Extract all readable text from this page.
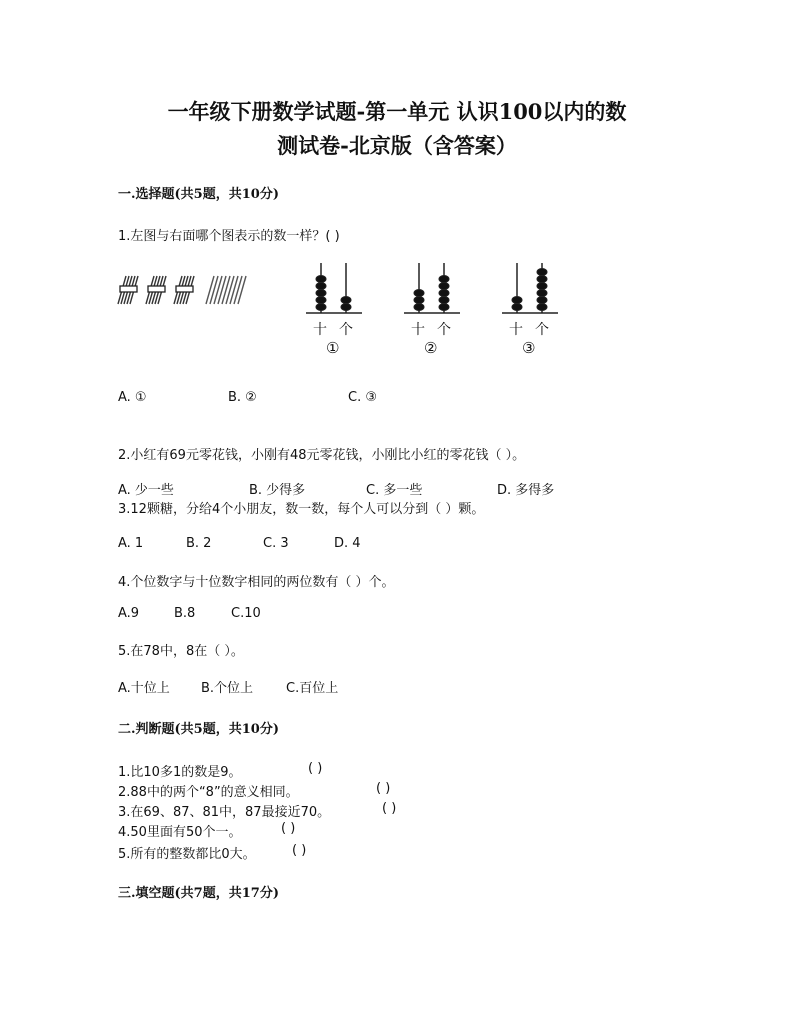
一年级下册数学试题-第一单元 认识100以内的数
测试卷-北京版（含答案）
一.选择题(共5题，共10分)
1.左图与右面哪个图表示的数一样？( )
十 个	十 个	十 个
①	②	③
A. ①	B. ②	C. ③
2.小红有69元零花钱，小刚有48元零花钱，小刚比小红的零花钱（ ）。
A. 少一些	B. 少得多	C. 多一些	D. 多得多
3.12颗糖，分给4个小朋友，数一数，每个人可以分到（ ）颗。
A. 1	B. 2	C. 3	D. 4
4.个位数字与十位数字相同的两位数有（ ）个。
A.9	B.8	C.10
5.在78中，8在（ ）。
A.十位上 B.个位上	C.百位上
二.判断题(共5题，共10分)
1.比10多1的数是9。	( )
2.88中的两个“8”的意义相同。	( )
3.在69、87、81中，87最接近70。	( )
4.50里面有50个一。	( )
5.所有的整数都比0大。	( )
三.填空题(共7题，共17分)
